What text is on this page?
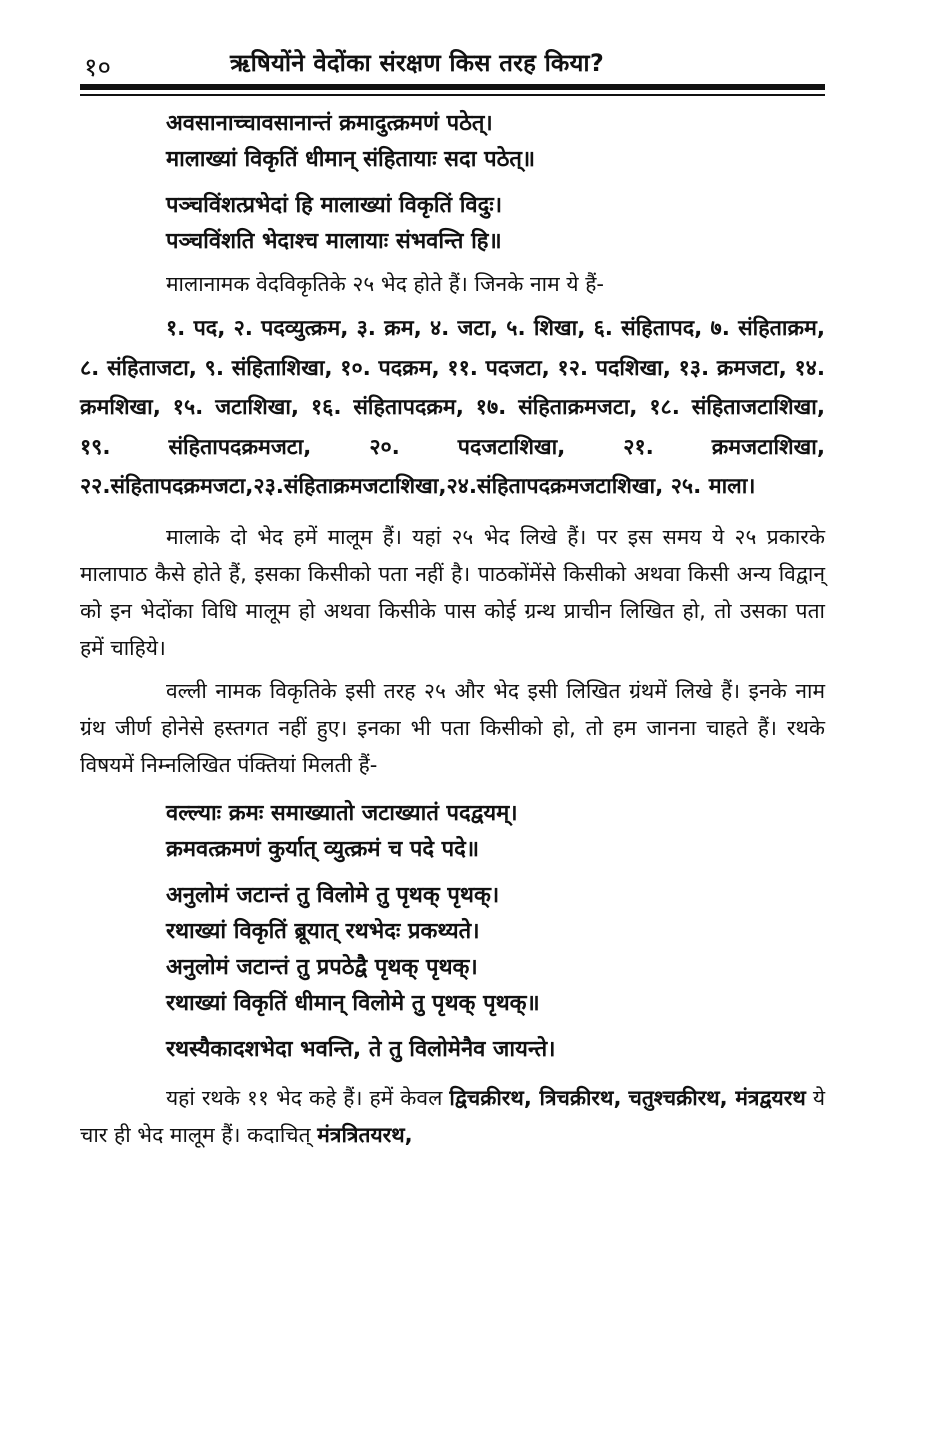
१०	ऋषियोंने वेदोंका संरक्षण किस तरह किया?
अवसानाच्चावसानान्तं क्रमादुत्क्रमणं पठेत्।
मालाख्यां विकृतिं धीमान् संहितायाः सदा पठेत्॥
पञ्चविंशत्प्रभेदां हि मालाख्यां विकृतिं विदुः।
पञ्चविंशति भेदाश्च मालायाः संभवन्ति हि॥

मालानामक वेदविकृतिके २५ भेद होते हैं। जिनके नाम ये हैं-

१. पद, २. पदव्युत्क्रम, ३. क्रम, ४. जटा, ५. शिखा, ६. संहितापद, ७. संहिताक्रम, ८. संहिताजटा, ९. संहिताशिखा, १०. पदक्रम, ११. पदजटा, १२. पदशिखा, १३. क्रमजटा, १४. क्रमशिखा, १५. जटाशिखा, १६. संहितापदक्रम, १७. संहिताक्रमजटा, १८. संहिताजटाशिखा, १९. संहितापदक्रमजटा, २०. पदजटाशिखा, २१. क्रमजटाशिखा, २२.संहितापदक्रमजटा,२३.संहिताक्रमजटाशिखा,२४.संहितापदक्रमजटाशिखा, २५. माला।

मालाके दो भेद हमें मालूम हैं। यहां २५ भेद लिखे हैं। पर इस समय ये २५ प्रकारके मालापाठ कैसे होते हैं, इसका किसीको पता नहीं है। पाठकोंमेंसे किसीको अथवा किसी अन्य विद्वान् को इन भेदोंका विधि मालूम हो अथवा किसीके पास कोई ग्रन्थ प्राचीन लिखित हो, तो उसका पता हमें चाहिये।

वल्ली नामक विकृतिके इसी तरह २५ और भेद इसी लिखित ग्रंथमें लिखे हैं। इनके नाम ग्रंथ जीर्ण होनेसे हस्तगत नहीं हुए। इनका भी पता किसीको हो, तो हम जानना चाहते हैं। रथके विषयमें निम्नलिखित पंक्तियां मिलती हैं-

वल्ल्याः क्रमः समाख्यातो जटाख्यातं पदद्वयम्।
क्रमवत्क्रमणं कुर्यात् व्युत्क्रमं च पदे पदे॥
अनुलोमं जटान्तं तु विलोमे तु पृथक् पृथक्।
रथाख्यां विकृतिं ब्रूयात् रथभेदः प्रकथ्यते।
अनुलोमं जटान्तं तु प्रपठेद्वै पृथक् पृथक्।
रथाख्यां विकृतिं धीमान् विलोमे तु पृथक् पृथक्॥
रथस्यैकादशभेदा भवन्ति, ते तु विलोमेनैव जायन्ते।

यहां रथके ११ भेद कहे हैं। हमें केवल द्विचक्रीरथ, त्रिचक्रीरथ, चतुश्चक्रीरथ, मंत्रद्वयरथ ये चार ही भेद मालूम हैं। कदाचित् मंत्रत्रितयरथ,
